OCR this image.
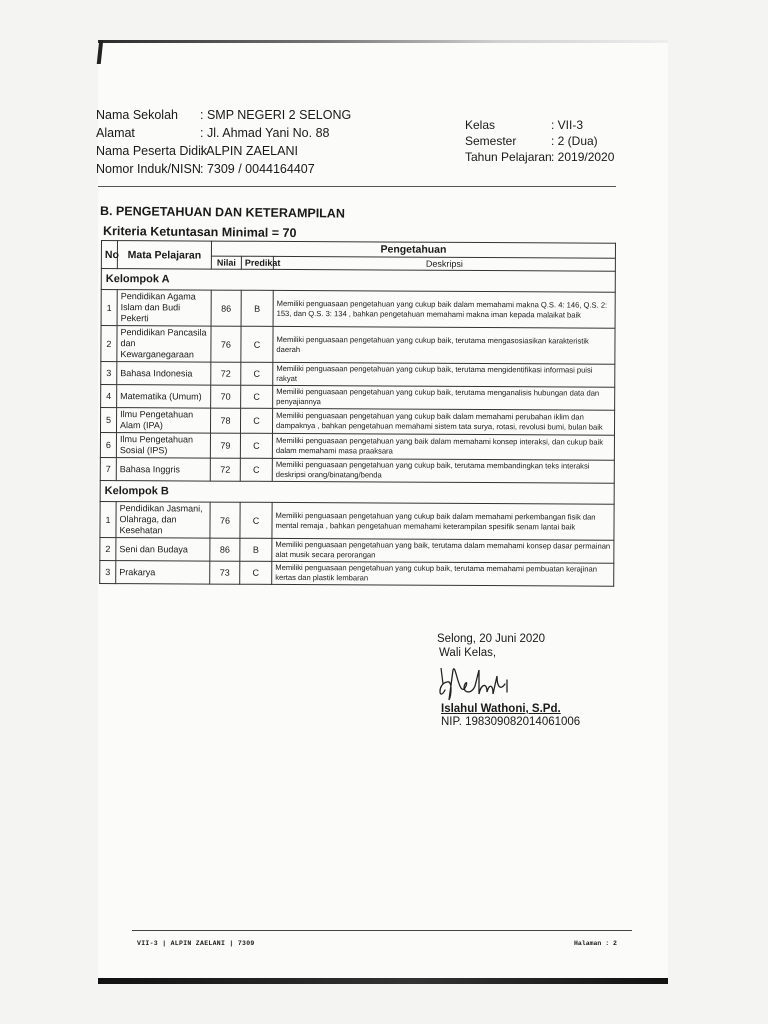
Nama Sekolah : SMP NEGERI 2 SELONG
Alamat	: Jl. Ahmad Yani No. 88
Nama Peserta Didik
: ALPIN ZAELANI
Nomor Induk/NISN : 7309 / 0044164407
Kelas	: VII-3
Semester	: 2 (Dua)
Tahun Pelajaran : 2019/2020
B. PENGETAHUAN DAN KETERAMPILAN
Kriteria Ketuntasan Minimal = 70
No	Mata Pelajaran	Pengetahuan		
		Nilai	Predikat	Deskripsi
Kelompok A				
1	Pendidikan Agama Islam dan Budi Pekerti	86	B	Memiliki penguasaan pengetahuan yang cukup baik dalam memahami makna Q.S. 4: 146, Q.S. 2: 153, dan Q.S. 3: 134 , bahkan pengetahuan memahami makna iman kepada malaikat baik
2	Pendidikan Pancasila dan Kewarganegaraan	76	C	Memiliki penguasaan pengetahuan yang cukup baik, terutama mengasosiasikan karakteristik daerah
3	Bahasa Indonesia	72	C	Memiliki penguasaan pengetahuan yang cukup baik, terutama mengidentifikasi informasi puisi rakyat
4	Matematika (Umum)	70	C	Memiliki penguasaan pengetahuan yang cukup baik, terutama menganalisis hubungan data dan penyajiannya
5	Ilmu Pengetahuan Alam (IPA)	78	C	Memiliki penguasaan pengetahuan yang cukup baik dalam memahami perubahan iklim dan dampaknya , bahkan pengetahuan memahami sistem tata surya, rotasi, revolusi bumi, bulan baik
6	Ilmu Pengetahuan Sosial (IPS)	79	C	Memiliki penguasaan pengetahuan yang baik dalam memahami konsep interaksi, dan cukup baik dalam memahami masa praaksara
7	Bahasa Inggris	72	C	Memiliki penguasaan pengetahuan yang cukup baik, terutama membandingkan teks interaksi deskripsi orang/binatang/benda
Kelompok B				
1	Pendidikan Jasmani, Olahraga, dan Kesehatan	76	C	Memiliki penguasaan pengetahuan yang cukup baik dalam memahami perkembangan fisik dan mental remaja , bahkan pengetahuan memahami keterampilan spesifik senam lantai baik
2	Seni dan Budaya	86	B	Memiliki penguasaan pengetahuan yang baik, terutama dalam memahami konsep dasar permainan alat musik secara perorangan
3	Prakarya	73	C	Memiliki penguasaan pengetahuan yang cukup baik, terutama memahami pembuatan kerajinan kertas dan plastik lembaran
Selong, 20 Juni 2020
Wali Kelas,
Islahul Wathoni, S.Pd.
NIP. 198309082014061006
VII-3 | ALPIN ZAELANI | 7309	Halaman : 2
